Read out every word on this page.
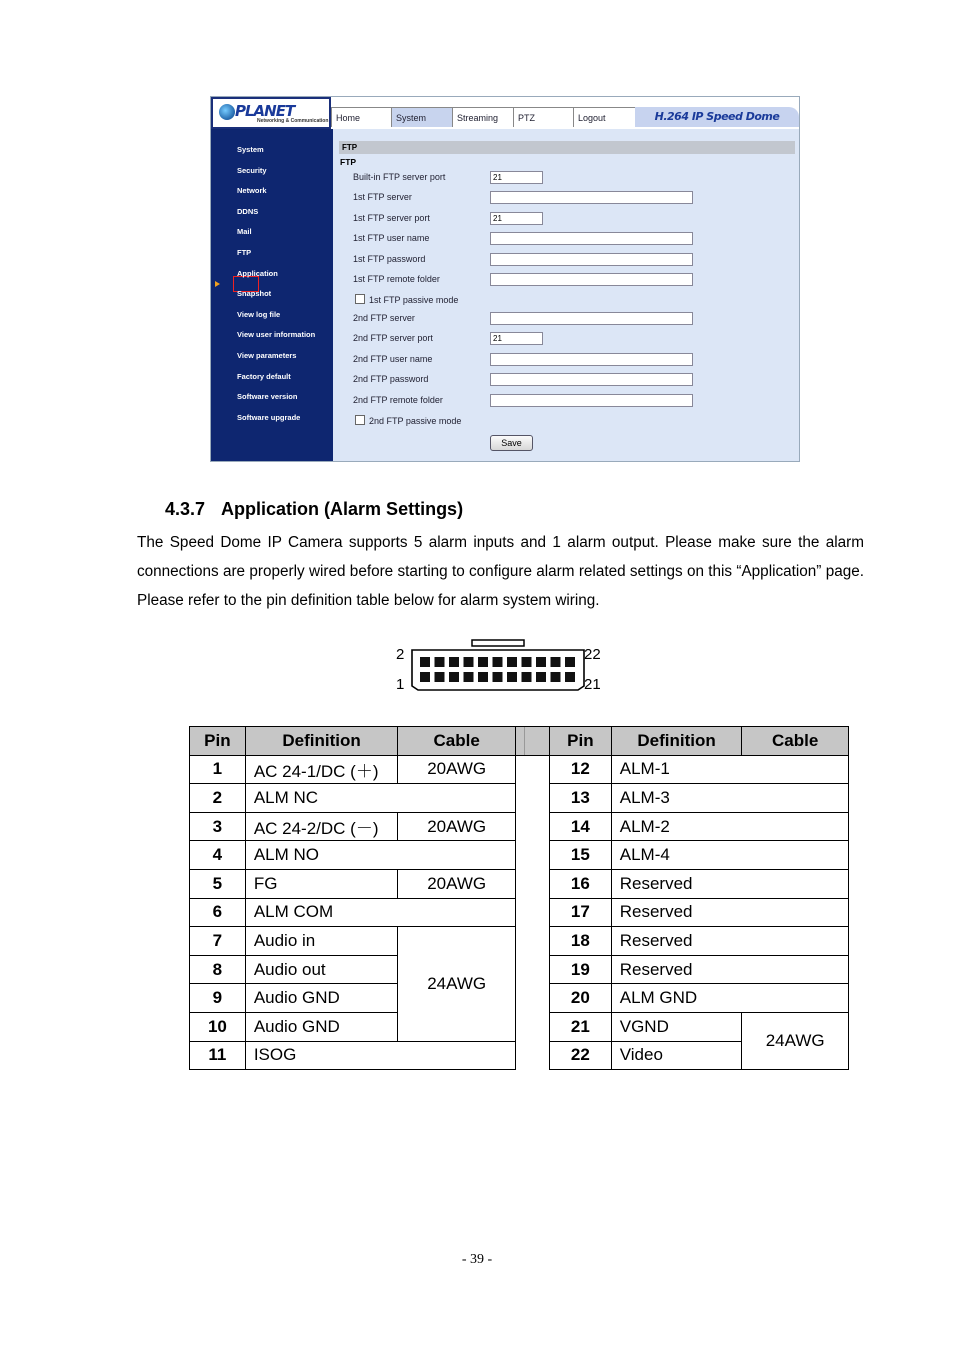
PLANET
Networking & Communication Home	System	Streaming	PTZ	Logout	H.264 IP Speed Dome
System
Security
Network
DDNS
Mail
FTP
Application
Snapshot
View log file
View user information
View parameters
Factory default
Software version
Software upgrade
FTP
FTP
Built-in FTP server port	21
1st FTP server
1st FTP server port	21
1st FTP user name
1st FTP password
1st FTP remote folder
1st FTP passive mode
2nd FTP server
2nd FTP server port	21
2nd FTP user name
2nd FTP password
2nd FTP remote folder
2nd FTP passive mode
Save
4.3.7 Application (Alarm Settings)
The Speed Dome IP Camera supports 5 alarm inputs and 1 alarm output. Please make sure the alarm connections are properly wired before starting to configure alarm related settings on this “Application” page. Please refer to the pin definition table below for alarm system wiring.
2
1
22
21
Pin	Definition	Cable
1	AC 24-1/DC (＋)	20AWG
2	ALM NC	
3	AC 24-2/DC (－)	20AWG
4	ALM NO	
5	FG	20AWG
6	ALM COM	
7	Audio in	24AWG
8	Audio out	
9	Audio GND	
10	Audio GND	
11	ISOG	
Pin	Definition	Cable
12	ALM-1	
13	ALM-3	
14	ALM-2	
15	ALM-4	
16	Reserved	
17	Reserved	
18	Reserved	
19	Reserved	
20	ALM GND	
21	VGND	24AWG
22	Video	
- 39 -
